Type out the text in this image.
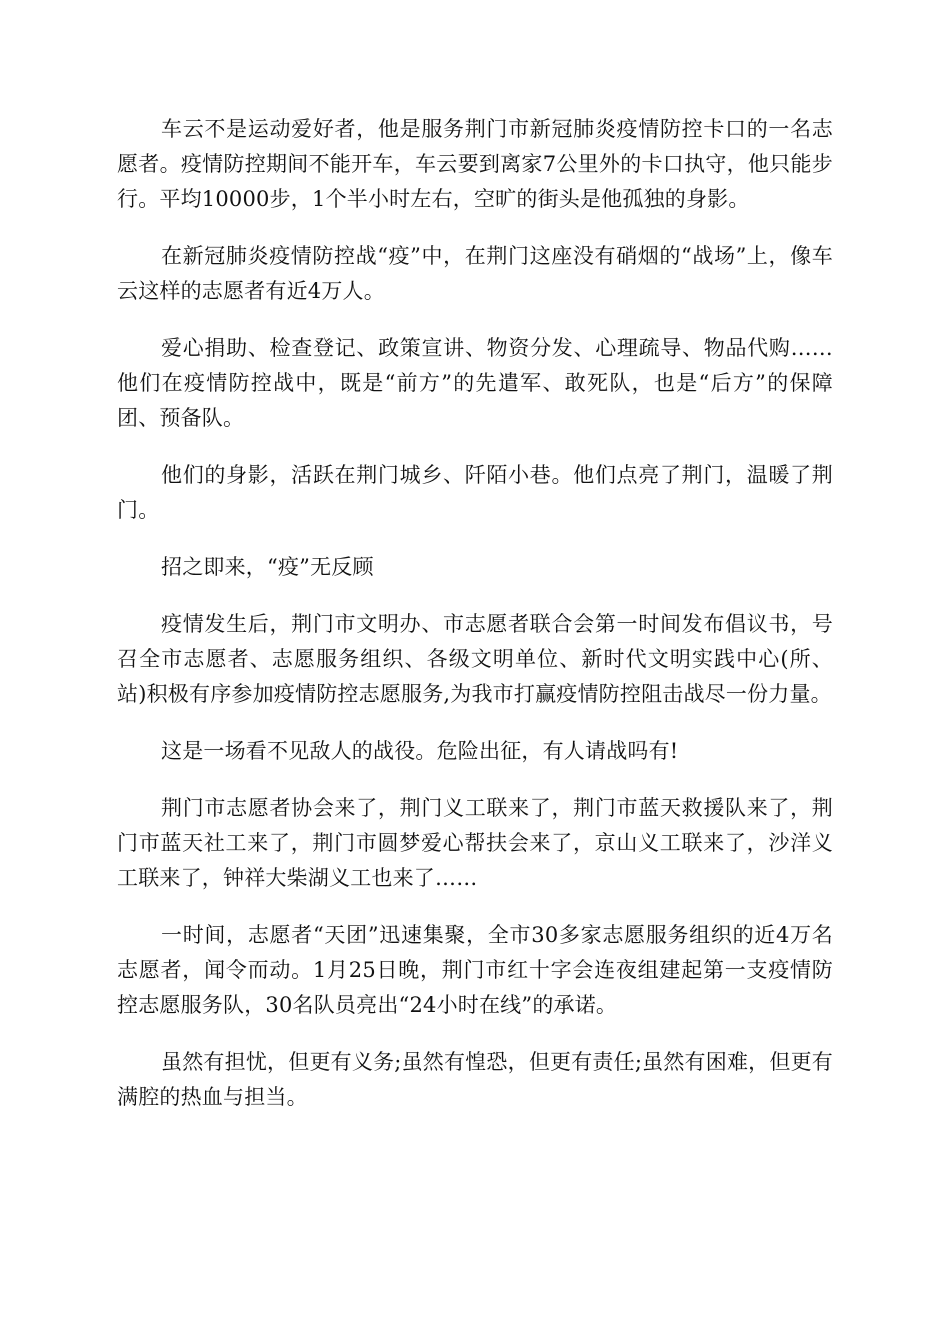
车云不是运动爱好者，他是服务荆门市新冠肺炎疫情防控卡口的一名志愿者。疫情防控期间不能开车，车云要到离家7公里外的卡口执守，他只能步行。平均10000步，1个半小时左右，空旷的街头是他孤独的身影。

在新冠肺炎疫情防控战“疫”中，在荆门这座没有硝烟的“战场”上，像车云这样的志愿者有近4万人。

爱心捐助、检查登记、政策宣讲、物资分发、心理疏导、物品代购……他们在疫情防控战中，既是“前方”的先遣军、敢死队，也是“后方”的保障团、预备队。

他们的身影，活跃在荆门城乡、阡陌小巷。他们点亮了荆门，温暖了荆门。

招之即来，“疫”无反顾

疫情发生后，荆门市文明办、市志愿者联合会第一时间发布倡议书，号召全市志愿者、志愿服务组织、各级文明单位、新时代文明实践中心(所、站)积极有序参加疫情防控志愿服务,为我市打赢疫情防控阻击战尽一份力量。

这是一场看不见敌人的战役。危险出征，有人请战吗有!

荆门市志愿者协会来了，荆门义工联来了，荆门市蓝天救援队来了，荆门市蓝天社工来了，荆门市圆梦爱心帮扶会来了，京山义工联来了，沙洋义工联来了，钟祥大柴湖义工也来了……

一时间，志愿者“天团”迅速集聚，全市30多家志愿服务组织的近4万名志愿者，闻令而动。1月25日晚，荆门市红十字会连夜组建起第一支疫情防控志愿服务队，30名队员亮出“24小时在线”的承诺。

虽然有担忧，但更有义务;虽然有惶恐，但更有责任;虽然有困难，但更有满腔的热血与担当。
